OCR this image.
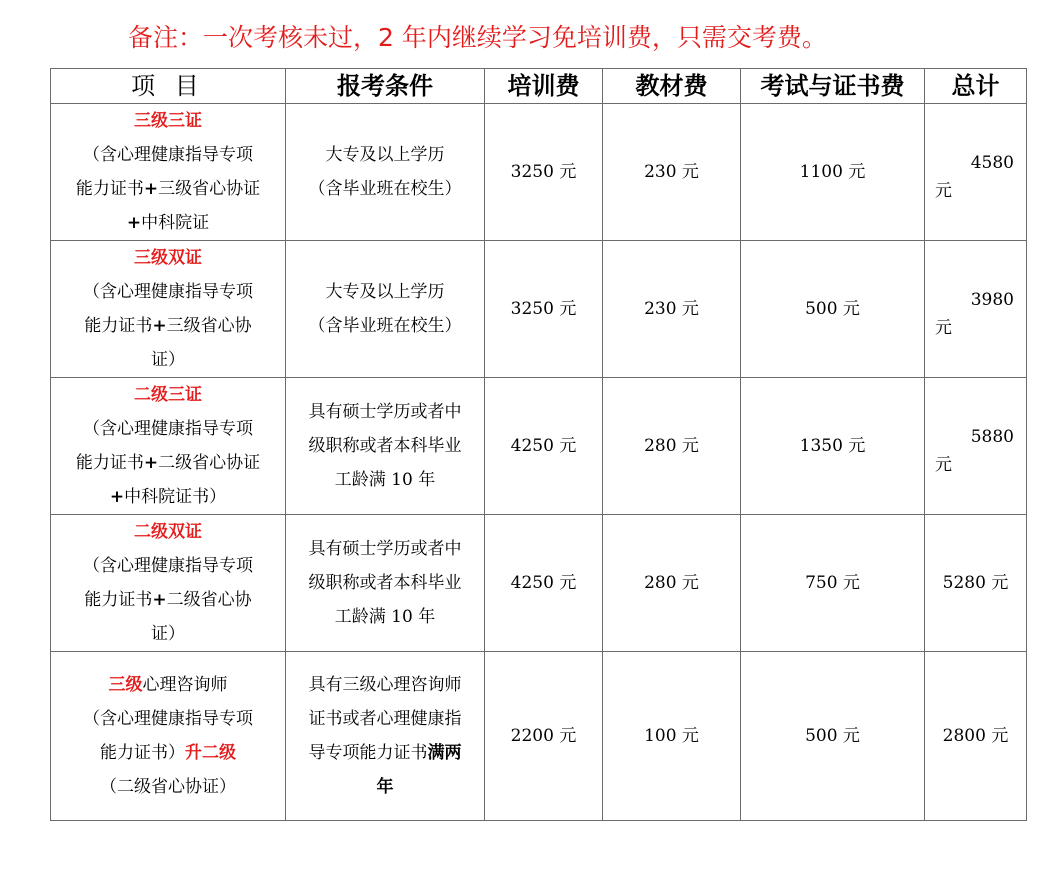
备注：一次考核未过，2 年内继续学习免培训费，只需交考费。
项 目	报考条件	培训费	教材费	考试与证书费	总计

三级三证
（含心理健康指导专项
能力证书+三级省心协证
+中科院证	大专及以上学历
（含毕业班在校生）	3250 元	230 元	1100 元	4580
元

三级双证
（含心理健康指导专项
能力证书+三级省心协
证）	大专及以上学历
（含毕业班在校生）	3250 元	230 元	500 元	3980
元

二级三证
（含心理健康指导专项
能力证书+二级省心协证
+中科院证书）	具有硕士学历或者中
级职称或者本科毕业
工龄满 10 年	4250 元	280 元	1350 元	5880
元

二级双证
（含心理健康指导专项
能力证书+二级省心协
证）	具有硕士学历或者中
级职称或者本科毕业
工龄满 10 年	4250 元	280 元	750 元	5280 元

三级心理咨询师
（含心理健康指导专项
能力证书）升二级
（二级省心协证）	具有三级心理咨询师
证书或者心理健康指
导专项能力证书满两
年	2200 元	100 元	500 元	2800 元
